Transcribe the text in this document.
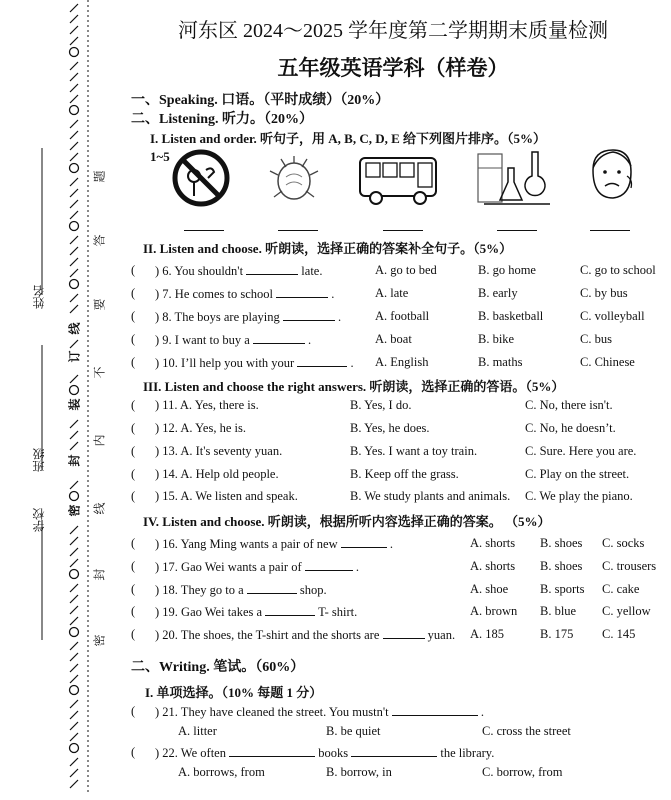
姓名
班级
学校
线
订
装
封
密
题
答
要
不
内
线
封
密
河东区 2024～2025 学年度第二学期期末质量检测
五年级英语学科（样卷）
一、Speaking. 口语。（平时成绩）（20%）
二、Listening. 听力。（20%）
I. Listen and order. 听句子，用 A, B, C, D, E 给下列图片排序。（5%）
1~5
II. Listen and choose. 听朗读，选择正确的答案补全句子。（5%）
( ) 6. You shouldn't	late.	A. go to bed	B. go home	C. go to school
( ) 7. He comes to school	.	A. late	B. early	C. by bus
( ) 8. The boys are playing	.	A. football	B. basketball	C. volleyball
( ) 9. I want to buy a	.	A. boat	B. bike	C. bus
( ) 10. I’ll help you with your	. A. English	B. maths	C. Chinese
III. Listen and choose the right answers. 听朗读，选择正确的答语。（5%）
( ) 11. A. Yes, there is.	B. Yes, I do.	C. No, there isn't.
( ) 12. A. Yes, he is.	B. Yes, he does.	C. No, he doesn’t.
( ) 13. A. It's seventy yuan.	B. Yes. I want a toy train.	C. Sure. Here you are.
( ) 14. A. Help old people.	B. Keep off the grass.	C. Play on the street.
( ) 15. A. We listen and speak.	B. We study plants and animals. C. We play the piano.
IV. Listen and choose. 听朗读，根据所听内容选择正确的答案。 （5%）
( ) 16. Yang Ming wants a pair of new	.	A. shorts B. shoes C. socks
( ) 17. Gao Wei wants a pair of	.	A. shorts B. shoes C. trousers
( ) 18. They go to a	shop.	A. shoe	B. sports C. cake
( ) 19. Gao Wei takes a	T- shirt.	A. brown B. blue C. yellow
( ) 20. The shoes, the T-shirt and the shorts are	yuan. A. 185	B. 175 C. 145
二、Writing. 笔试。（60%）
I. 单项选择。（10% 每题 1 分）
( ) 21. They have cleaned the street. You mustn't	.
A. litter	B. be quiet	C. cross the street
( ) 22. We often	books	the library.
A. borrows, from	B. borrow, in	C. borrow, from
